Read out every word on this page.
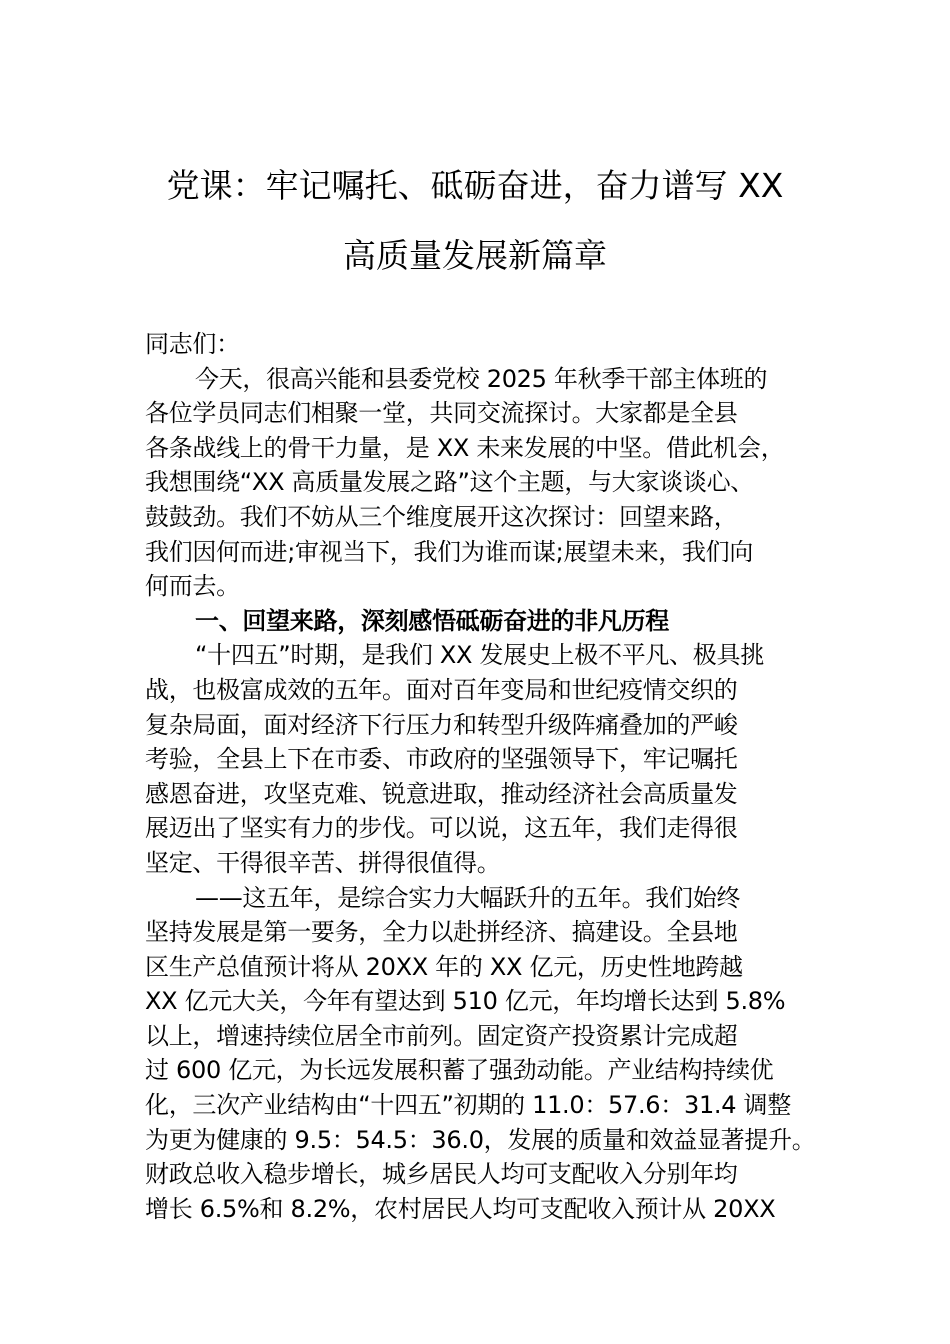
党课：牢记嘱托、砥砺奋进，奋力谱写 XX
高质量发展新篇章
同志们：
今天，很高兴能和县委党校 2025 年秋季干部主体班的
各位学员同志们相聚一堂，共同交流探讨。大家都是全县
各条战线上的骨干力量，是 XX 未来发展的中坚。借此机会，
我想围绕“XX 高质量发展之路”这个主题，与大家谈谈心、
鼓鼓劲。我们不妨从三个维度展开这次探讨：回望来路，
我们因何而进;审视当下，我们为谁而谋;展望未来，我们向
何而去。
一、回望来路，深刻感悟砥砺奋进的非凡历程
“十四五”时期，是我们 XX 发展史上极不平凡、极具挑
战，也极富成效的五年。面对百年变局和世纪疫情交织的
复杂局面，面对经济下行压力和转型升级阵痛叠加的严峻
考验，全县上下在市委、市政府的坚强领导下，牢记嘱托
感恩奋进，攻坚克难、锐意进取，推动经济社会高质量发
展迈出了坚实有力的步伐。可以说，这五年，我们走得很
坚定、干得很辛苦、拼得很值得。
——这五年，是综合实力大幅跃升的五年。我们始终
坚持发展是第一要务，全力以赴拼经济、搞建设。全县地
区生产总值预计将从 20XX 年的 XX 亿元，历史性地跨越
XX 亿元大关，今年有望达到 510 亿元，年均增长达到 5.8%
以上，增速持续位居全市前列。固定资产投资累计完成超
过 600 亿元，为长远发展积蓄了强劲动能。产业结构持续优
化，三次产业结构由“十四五”初期的 11.0：57.6：31.4 调整
为更为健康的 9.5：54.5：36.0，发展的质量和效益显著提升。
财政总收入稳步增长，城乡居民人均可支配收入分别年均
增长 6.5%和 8.2%，农村居民人均可支配收入预计从 20XX
